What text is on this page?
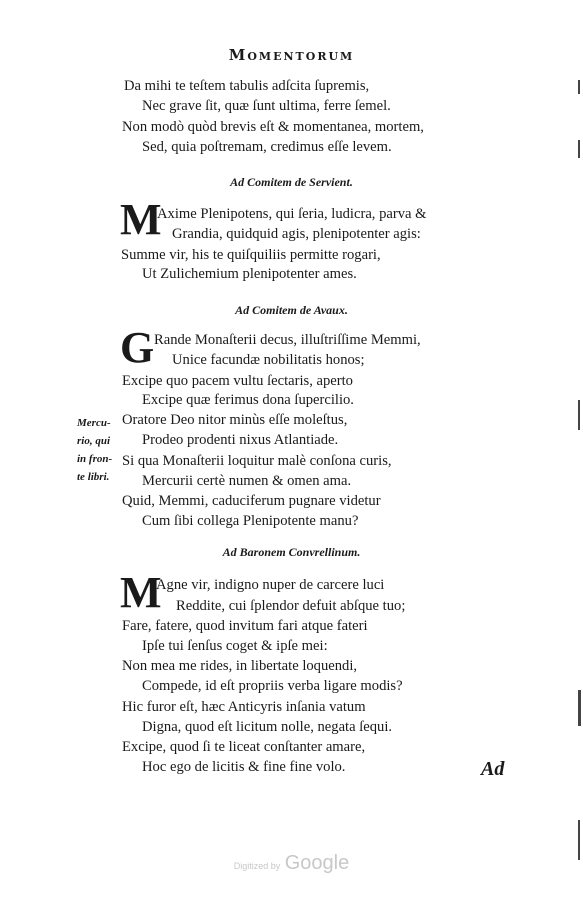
Momentorum
Da mihi te teſtem tabulis adſcita ſupremis,
Nec grave ſit, quæ ſunt ultima, ferre ſemel.
Non modò quòd brevis eſt & momentanea, mortem,
Sed, quia poſtremam, credimus eſſe levem.
Ad Comitem de Servient.
M
Axime Plenipotens, qui ſeria, ludicra, parva &
Grandia, quidquid agis, plenipotenter agis:
Summe vir, his te quiſquiliis permitte rogari,
Ut Zulichemium plenipotenter ames.
Ad Comitem de Avaux.
G Rande Monaſterii decus, illuſtriſſime Memmi,
Unice facundæ nobilitatis honos;
Excipe quo pacem vultu ſectaris, aperto
Excipe quæ ferimus dona ſupercilio.
Oratore Deo nitor minùs eſſe moleſtus,
Prodeo prodenti nixus Atlantiade.
Si qua Monaſterii loquitur malè conſona curis,
Mercurii certè numen & omen ama.
Quid, Memmi, caduciferum pugnare videtur
Cum ſibi collega Plenipotente manu?
Mercu-
rio, qui
in fron-
te libri.
Ad Baronem Convrellinum.
M
Agne vir, indigno nuper de carcere luci
Reddite, cui ſplendor defuit abſque tuo;
Fare, fatere, quod invitum fari atque fateri
Ipſe tui ſenſus coget & ipſe mei:
Non mea me rides, in libertate loquendi,
Compede, id eſt propriis verba ligare modis?
Hic furor eſt, hæc Anticyris inſania vatum
Digna, quod eſt licitum nolle, negata ſequi.
Excipe, quod ſi te liceat conſtanter amare,
Hoc ego de licitis & fine fine volo.	Ad
Digitized by Google
